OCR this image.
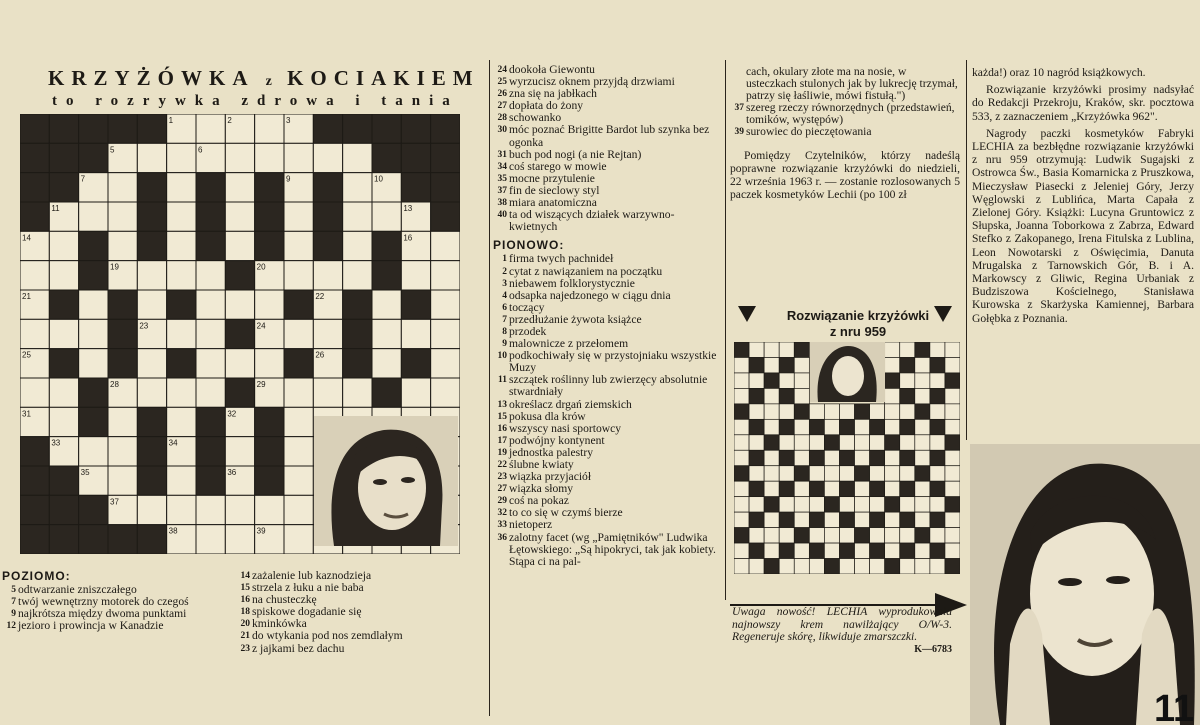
KRZYŻÓWKA z KOCIAKIEM
to rozrywka zdrowa i tania
1	2	3
5	6
7	9	10
11	13
14	16
19	20
21	22
23	24
25	26
28	29
31	32
33	34
35	36
37
38	39
POZIOMO:
5 odtwarzanie zniszczałego
7 twój wewnętrzny motorek do czegoś
9 najkrótsza między dwoma punktami
12 jezioro i prowincja w Kanadzie
14 zażalenie lub kaznodzieja
15 strzela z łuku a nie baba
16 na chusteczkę
18 spiskowe dogadanie się
20 kminkówka
21 do wtykania pod nos zemdlałym
23 z jajkami bez dachu
24 dookoła Giewontu
25 wyrzucisz oknem przyjdą drzwiami
26 zna się na jabłkach
27 dopłata do żony
28 schowanko
30 móc poznać Brigitte Bardot lub szynka bez ogonka
31 buch pod nogi (a nie Rejtan)
34 coś starego w mowie
35 mocne przytulenie
37 fin de sieclowy styl
38 miara anatomiczna
40 ta od wiszących działek warzywno-kwietnych
PIONOWO:
1 firma twych pachnideł
2 cytat z nawiązaniem na początku
3 niebawem folklorystycznie
4 odsapka najedzonego w ciągu dnia
6 toczący
7 przedłużanie żywota książce
8 przodek
9 malownicze z przełomem
10 podkochiwały się w przystojniaku wszystkie Muzy
11 szczątek roślinny lub zwierzęcy absolutnie stwardniały
13 określacz drgań ziemskich
15 pokusa dla krów
16 wszyscy nasi sportowcy
17 podwójny kontynent
19 jednostka palestry
22 ślubne kwiaty
23 wiązka przyjaciół
27 wiązka słomy
29 coś na pokaz
32 to co się w czymś bierze
33 nietoperz
36 zalotny facet (wg „Pamiętników" Ludwika Łętowskiego: „Są hipokryci, tak jak kobiety. Stąpa ci na pal-
cach, okulary złote ma na nosie, w usteczkach stulonych jak by lukrecję trzymał, patrzy się łaśliwie, mówi fistułą.")
37 szereg rzeczy równorzędnych (przedstawień, tomików, występów)
39 surowiec do pieczętowania
Pomiędzy Czytelników, którzy nadeślą poprawne rozwiązanie krzyżówki do niedzieli, 22 września 1963 r. — zostanie rozlosowanych 5 paczek kosmetyków Lechii (po 100 zł
Rozwiązanie krzyżówki
z nru 959
każda!) oraz 10 nagród książkowych.
Rozwiązanie krzyżówki prosimy nadsyłać do Redakcji Przekroju, Kraków, skr. pocztowa 533, z zaznaczeniem „Krzyżówka 962".
Nagrody paczki kosmetyków Fabryki LECHIA za bezbłędne rozwiązanie krzyżówki z nru 959 otrzymują: Ludwik Sugajski z Ostrowca Św., Basia Komarnicka z Pruszkowa, Mieczysław Piasecki z Jeleniej Góry, Jerzy Węglowski z Lublińca, Marta Capała z Zielonej Góry. Książki: Lucyna Gruntowicz z Słupska, Joanna Toborkowa z Zabrza, Edward Stefko z Zakopanego, Irena Fitulska z Lublina, Leon Nowotarski z Oświęcimia, Danuta Mrugalska z Tarnowskich Gór, B. i A. Markowscy z Gliwic, Regina Urbaniak z Budziszowa Kościelnego, Stanisława Kurowska z Skarżyska Kamiennej, Barbara Gołębka z Poznania.
Uwaga nowość! LECHIA wyprodukowała najnowszy krem nawilżający O/W-3. Regeneruje skórę, likwiduje zmarszczki.
K—6783
11
